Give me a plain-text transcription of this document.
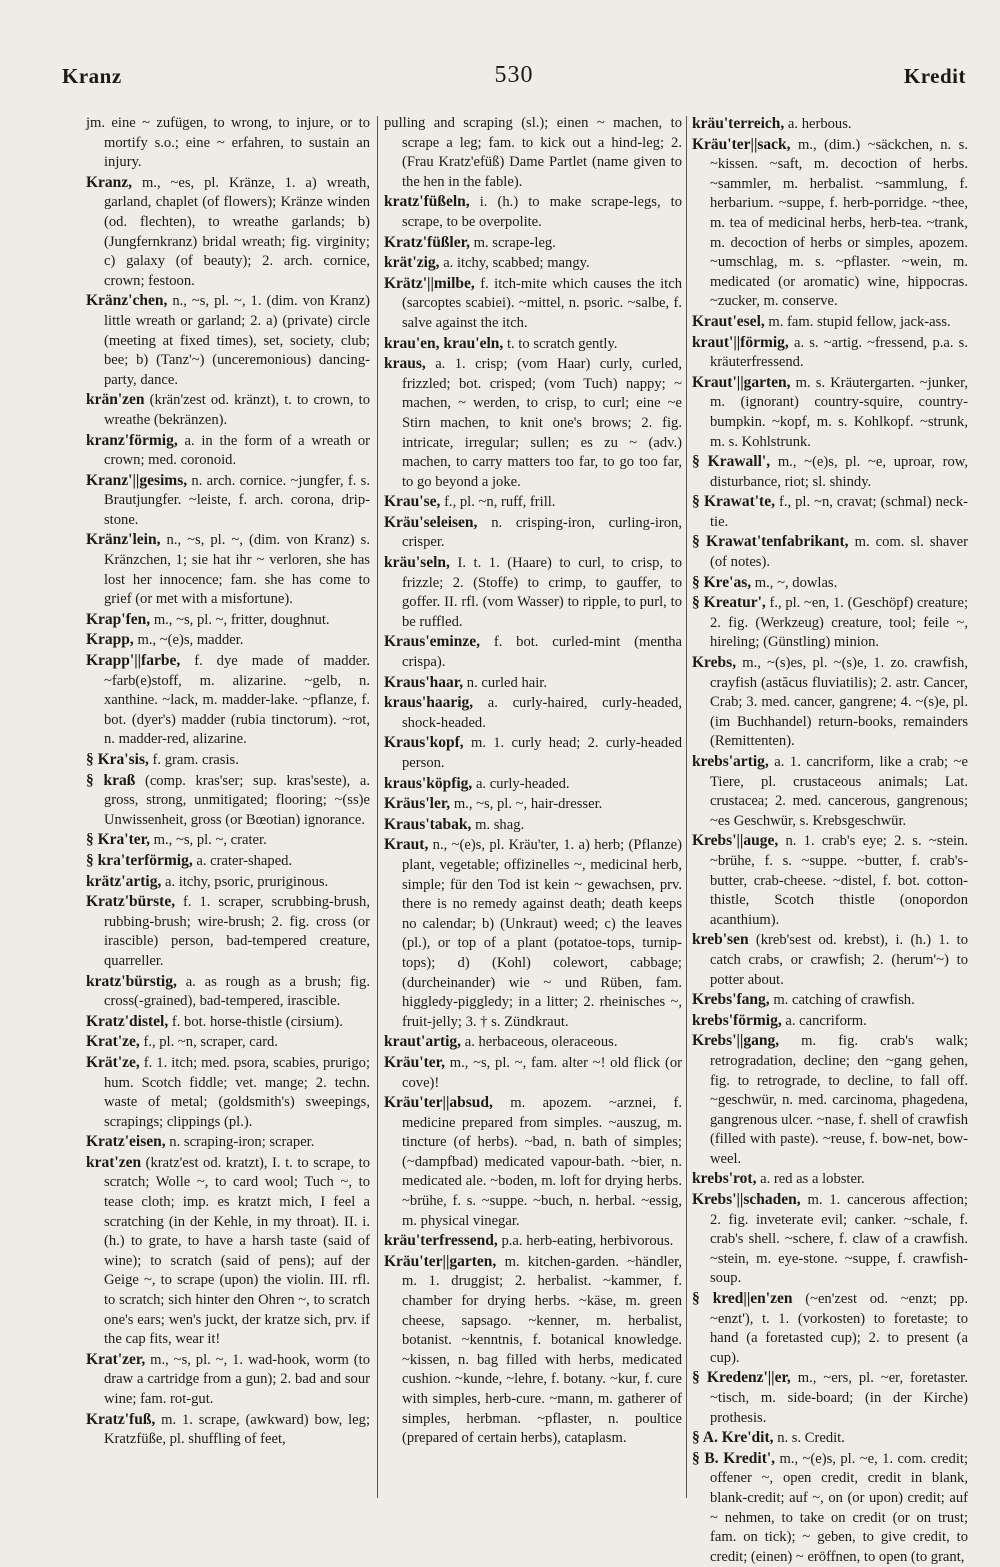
Kranz	530	Kredit

jm. eine ~ zufügen, to wrong, to injure, or to mortify s.o.; eine ~ erfahren, to sustain an injury.

Kranz, m., ~es, pl. Kränze, 1. a) wreath, garland, chaplet (of flowers); Kränze winden (od. flechten), to wreathe garlands; b) (Jungfernkranz) bridal wreath; fig. virginity; c) galaxy (of beauty); 2. arch. cornice, crown; festoon.

Kränz'chen, n., ~s, pl. ~, 1. (dim. von Kranz) little wreath or garland; 2. a) (private) circle (meeting at fixed times), set, society, club; bee; b) (Tanz'~) (unceremonious) dancing-party, dance.

krän'zen (krän'zest od. kränzt), t. to crown, to wreathe (bekränzen).

kranz'förmig, a. in the form of a wreath or crown; med. coronoid.

Kranz'||gesims, n. arch. cornice. ~jungfer, f. s. Brautjungfer. ~leiste, f. arch. corona, drip-stone.

Kränz'lein, n., ~s, pl. ~, (dim. von Kranz) s. Kränzchen, 1; sie hat ihr ~ verloren, she has lost her innocence; fam. she has come to grief (or met with a misfortune).

Krap'fen, m., ~s, pl. ~, fritter, doughnut.

Krapp, m., ~(e)s, madder.

Krapp'||farbe, f. dye made of madder. ~farb(e)stoff, m. alizarine. ~gelb, n. xanthine. ~lack, m. madder-lake. ~pflanze, f. bot. (dyer's) madder (rubia tinctorum). ~rot, n. madder-red, alizarine.

§ Kra'sis, f. gram. crasis.

§ kraß (comp. kras'ser; sup. kras'seste), a. gross, strong, unmitigated; flooring; ~(ss)e Unwissenheit, gross (or Bœotian) ignorance.

§ Kra'ter, m., ~s, pl. ~, crater.

§ kra'terförmig, a. crater-shaped.

krätz'artig, a. itchy, psoric, pruriginous.

Kratz'bürste, f. 1. scraper, scrubbing-brush, rubbing-brush; wire-brush; 2. fig. cross (or irascible) person, bad-tempered creature, quarreller.

kratz'bürstig, a. as rough as a brush; fig. cross(-grained), bad-tempered, irascible.

Kratz'distel, f. bot. horse-thistle (cirsium).

Krat'ze, f., pl. ~n, scraper, card.

Krät'ze, f. 1. itch; med. psora, scabies, prurigo; hum. Scotch fiddle; vet. mange; 2. techn. waste of metal; (goldsmith's) sweepings, scrapings; clippings (pl.).

Kratz'eisen, n. scraping-iron; scraper.

krat'zen (kratz'est od. kratzt), I. t. to scrape, to scratch; Wolle ~, to card wool; Tuch ~, to tease cloth; imp. es kratzt mich, I feel a scratching (in der Kehle, in my throat). II. i. (h.) to grate, to have a harsh taste (said of wine); to scratch (said of pens); auf der Geige ~, to scrape (upon) the violin. III. rfl. to scratch; sich hinter den Ohren ~, to scratch one's ears; wen's juckt, der kratze sich, prv. if the cap fits, wear it!

Krat'zer, m., ~s, pl. ~, 1. wad-hook, worm (to draw a cartridge from a gun); 2. bad and sour wine; fam. rot-gut.

Kratz'fuß, m. 1. scrape, (awkward) bow, leg; Kratzfüße, pl. shuffling of feet,

pulling and scraping (sl.); einen ~ machen, to scrape a leg; fam. to kick out a hind-leg; 2. (Frau Kratz'efüß) Dame Partlet (name given to the hen in the fable).

kratz'füßeln, i. (h.) to make scrape-legs, to scrape, to be overpolite.

Kratz'füßler, m. scrape-leg.

krät'zig, a. itchy, scabbed; mangy.

Krätz'||milbe, f. itch-mite which causes the itch (sarcoptes scabiei). ~mittel, n. psoric. ~salbe, f. salve against the itch.

krau'en, krau'eln, t. to scratch gently.

kraus, a. 1. crisp; (vom Haar) curly, curled, frizzled; bot. crisped; (vom Tuch) nappy; ~ machen, ~ werden, to crisp, to curl; eine ~e Stirn machen, to knit one's brows; 2. fig. intricate, irregular; sullen; es zu ~ (adv.) machen, to carry matters too far, to go too far, to go beyond a joke.

Krau'se, f., pl. ~n, ruff, frill.

Kräu'seleisen, n. crisping-iron, curling-iron, crisper.

kräu'seln, I. t. 1. (Haare) to curl, to crisp, to frizzle; 2. (Stoffe) to crimp, to gauffer, to goffer. II. rfl. (vom Wasser) to ripple, to purl, to be ruffled.

Kraus'eminze, f. bot. curled-mint (mentha crispa).

Kraus'haar, n. curled hair.

kraus'haarig, a. curly-haired, curly-headed, shock-headed.

Kraus'kopf, m. 1. curly head; 2. curly-headed person.

kraus'köpfig, a. curly-headed.

Kräus'ler, m., ~s, pl. ~, hair-dresser.

Kraus'tabak, m. shag.

Kraut, n., ~(e)s, pl. Kräu'ter, 1. a) herb; (Pflanze) plant, vegetable; offizinelles ~, medicinal herb, simple; für den Tod ist kein ~ gewachsen, prv. there is no remedy against death; death keeps no calendar; b) (Unkraut) weed; c) the leaves (pl.), or top of a plant (potatoe-tops, turnip-tops); d) (Kohl) colewort, cabbage; (durcheinander) wie ~ und Rüben, fam. higgledy-piggledy; in a litter; 2. rheinisches ~, fruit-jelly; 3. † s. Zündkraut.

kraut'artig, a. herbaceous, oleraceous.

Kräu'ter, m., ~s, pl. ~, fam. alter ~! old flick (or cove)!

Kräu'ter||absud, m. apozem. ~arznei, f. medicine prepared from simples. ~auszug, m. tincture (of herbs). ~bad, n. bath of simples; (~dampfbad) medicated vapour-bath. ~bier, n. medicated ale. ~boden, m. loft for drying herbs. ~brühe, f. s. ~suppe. ~buch, n. herbal. ~essig, m. physical vinegar.

kräu'terfressend, p.a. herb-eating, herbivorous.

Kräu'ter||garten, m. kitchen-garden. ~händler, m. 1. druggist; 2. herbalist. ~kammer, f. chamber for drying herbs. ~käse, m. green cheese, sapsago. ~kenner, m. herbalist, botanist. ~kenntnis, f. botanical knowledge. ~kissen, n. bag filled with herbs, medicated cushion. ~kunde, ~lehre, f. botany. ~kur, f. cure with simples, herb-cure. ~mann, m. gatherer of simples, herbman. ~pflaster, n. poultice (prepared of certain herbs), cataplasm.

kräu'terreich, a. herbous.

Kräu'ter||sack, m., (dim.) ~säckchen, n. s. ~kissen. ~saft, m. decoction of herbs. ~sammler, m. herbalist. ~sammlung, f. herbarium. ~suppe, f. herb-porridge. ~thee, m. tea of medicinal herbs, herb-tea. ~trank, m. decoction of herbs or simples, apozem. ~umschlag, m. s. ~pflaster. ~wein, m. medicated (or aromatic) wine, hippocras. ~zucker, m. conserve.

Kraut'esel, m. fam. stupid fellow, jack-ass.

kraut'||förmig, a. s. ~artig. ~fressend, p.a. s. kräuterfressend.

Kraut'||garten, m. s. Kräutergarten. ~junker, m. (ignorant) country-squire, country-bumpkin. ~kopf, m. s. Kohlkopf. ~strunk, m. s. Kohlstrunk.

§ Krawall', m., ~(e)s, pl. ~e, uproar, row, disturbance, riot; sl. shindy.

§ Krawat'te, f., pl. ~n, cravat; (schmal) neck-tie.

§ Krawat'tenfabrikant, m. com. sl. shaver (of notes).

§ Kre'as, m., ~, dowlas.

§ Kreatur', f., pl. ~en, 1. (Geschöpf) creature; 2. fig. (Werkzeug) creature, tool; feile ~, hireling; (Günstling) minion.

Krebs, m., ~(s)es, pl. ~(s)e, 1. zo. crawfish, crayfish (astăcus fluviatilis); 2. astr. Cancer, Crab; 3. med. cancer, gangrene; 4. ~(s)e, pl. (im Buchhandel) return-books, remainders (Remittenten).

krebs'artig, a. 1. cancriform, like a crab; ~e Tiere, pl. crustaceous animals; Lat. crustacea; 2. med. cancerous, gangrenous; ~es Geschwür, s. Krebsgeschwür.

Krebs'||auge, n. 1. crab's eye; 2. s. ~stein. ~brühe, f. s. ~suppe. ~butter, f. crab's-butter, crab-cheese. ~distel, f. bot. cotton-thistle, Scotch thistle (onopordon acanthium).

kreb'sen (kreb'sest od. krebst), i. (h.) 1. to catch crabs, or crawfish; 2. (herum'~) to potter about.

Krebs'fang, m. catching of crawfish.

krebs'förmig, a. cancriform.

Krebs'||gang, m. fig. crab's walk; retrogradation, decline; den ~gang gehen, fig. to retrograde, to decline, to fall off. ~geschwür, n. med. carcinoma, phagedena, gangrenous ulcer. ~nase, f. shell of crawfish (filled with paste). ~reuse, f. bow-net, bow-weel.

krebs'rot, a. red as a lobster.

Krebs'||schaden, m. 1. cancerous affection; 2. fig. inveterate evil; canker. ~schale, f. crab's shell. ~schere, f. claw of a crawfish. ~stein, m. eye-stone. ~suppe, f. crawfish-soup.

§ kred||en'zen (~en'zest od. ~enzt; pp. ~enzt'), t. 1. (vorkosten) to foretaste; to hand (a foretasted cup); 2. to present (a cup).

§ Kredenz'||er, m., ~ers, pl. ~er, foretaster. ~tisch, m. side-board; (in der Kirche) prothesis.

§ A. Kre'dit, n. s. Credit.

§ B. Kredit', m., ~(e)s, pl. ~e, 1. com. credit; offener ~, open credit, credit in blank, blank-credit; auf ~, on (or upon) credit; auf ~ nehmen, to take on credit (or on trust; fam. on tick); ~ geben, to give credit, to credit; (einen) ~ eröffnen, to open (to grant,
